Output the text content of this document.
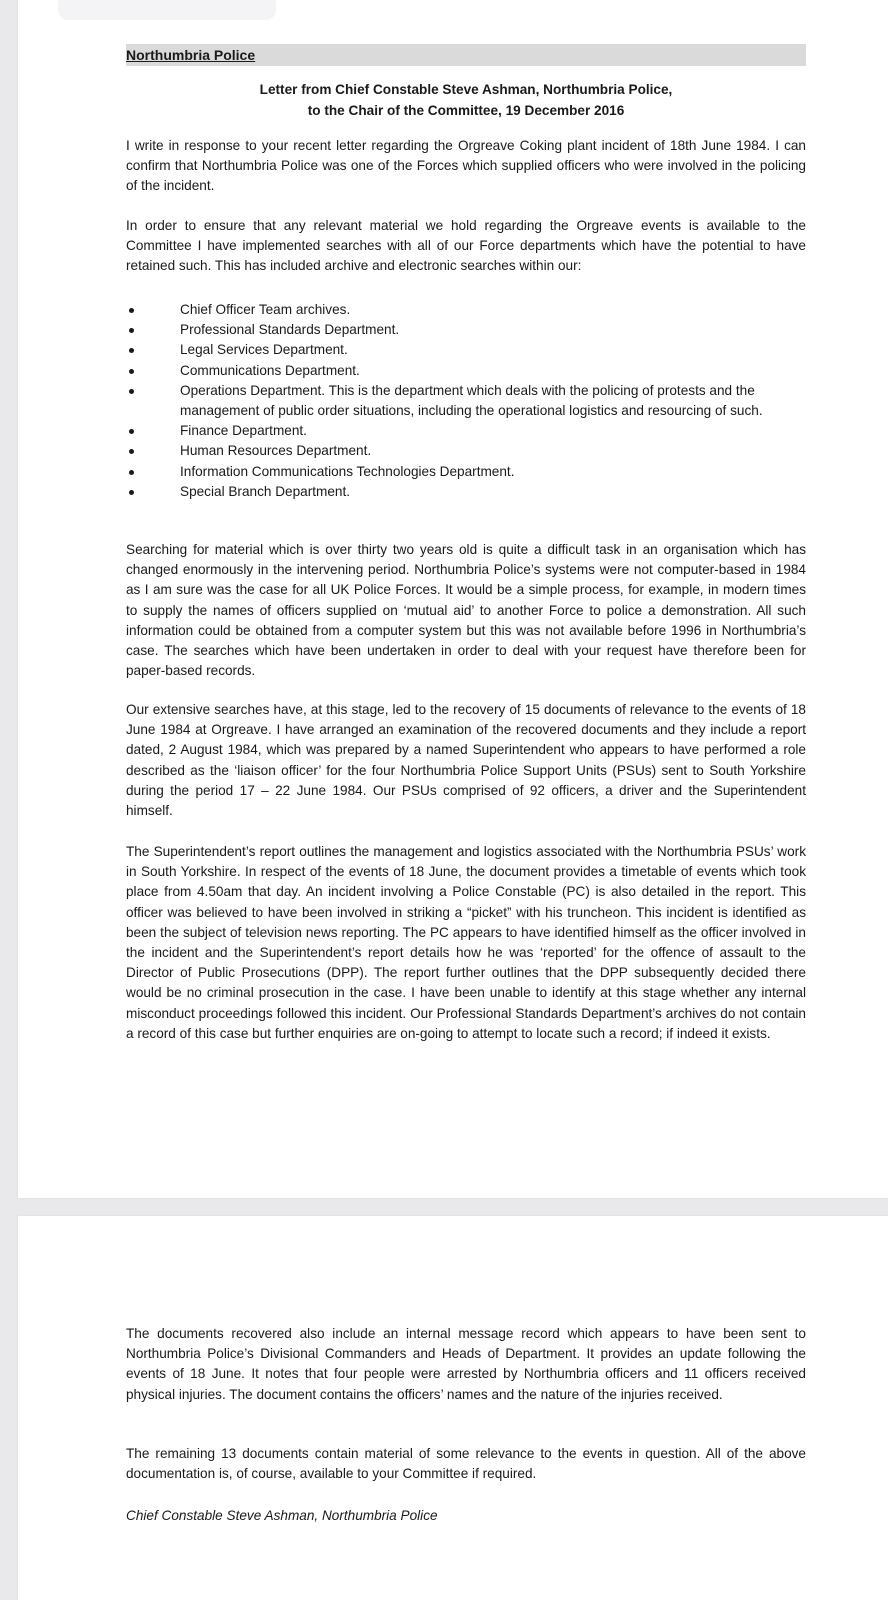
Northumbria Police
Letter from Chief Constable Steve Ashman, Northumbria Police,
to the Chair of the Committee, 19 December 2016

I write in response to your recent letter regarding the Orgreave Coking plant incident of 18th June 1984. I can confirm that Northumbria Police was one of the Forces which supplied officers who were involved in the policing of the incident.

In order to ensure that any relevant material we hold regarding the Orgreave events is available to the Committee I have implemented searches with all of our Force departments which have the potential to have retained such. This has included archive and electronic searches within our:

Chief Officer Team archives.
Professional Standards Department.
Legal Services Department.
Communications Department.
Operations Department. This is the department which deals with the policing of protests and the management of public order situations, including the operational logistics and resourcing of such.
Finance Department.
Human Resources Department.
Information Communications Technologies Department.
Special Branch Department.

Searching for material which is over thirty two years old is quite a difficult task in an organisation which has changed enormously in the intervening period. Northumbria Police’s systems were not computer-based in 1984 as I am sure was the case for all UK Police Forces. It would be a simple process, for example, in modern times to supply the names of officers supplied on ‘mutual aid’ to another Force to police a demonstration. All such information could be obtained from a computer system but this was not available before 1996 in Northumbria’s case. The searches which have been undertaken in order to deal with your request have therefore been for paper-based records.

Our extensive searches have, at this stage, led to the recovery of 15 documents of relevance to the events of 18 June 1984 at Orgreave. I have arranged an examination of the recovered documents and they include a report dated, 2 August 1984, which was prepared by a named Superintendent who appears to have performed a role described as the ‘liaison officer’ for the four Northumbria Police Support Units (PSUs) sent to South Yorkshire during the period 17 – 22 June 1984. Our PSUs comprised of 92 officers, a driver and the Superintendent himself.

The Superintendent’s report outlines the management and logistics associated with the Northumbria PSUs’ work in South Yorkshire. In respect of the events of 18 June, the document provides a timetable of events which took place from 4.50am that day. An incident involving a Police Constable (PC) is also detailed in the report. This officer was believed to have been involved in striking a “picket” with his truncheon. This incident is identified as been the subject of television news reporting. The PC appears to have identified himself as the officer involved in the incident and the Superintendent’s report details how he was ‘reported’ for the offence of assault to the Director of Public Prosecutions (DPP). The report further outlines that the DPP subsequently decided there would be no criminal prosecution in the case. I have been unable to identify at this stage whether any internal misconduct proceedings followed this incident. Our Professional Standards Department’s archives do not contain a record of this case but further enquiries are on-going to attempt to locate such a record; if indeed it exists.

The documents recovered also include an internal message record which appears to have been sent to Northumbria Police’s Divisional Commanders and Heads of Department. It provides an update following the events of 18 June. It notes that four people were arrested by Northumbria officers and 11 officers received physical injuries. The document contains the officers’ names and the nature of the injuries received.

The remaining 13 documents contain material of some relevance to the events in question. All of the above documentation is, of course, available to your Committee if required.

Chief Constable Steve Ashman, Northumbria Police
